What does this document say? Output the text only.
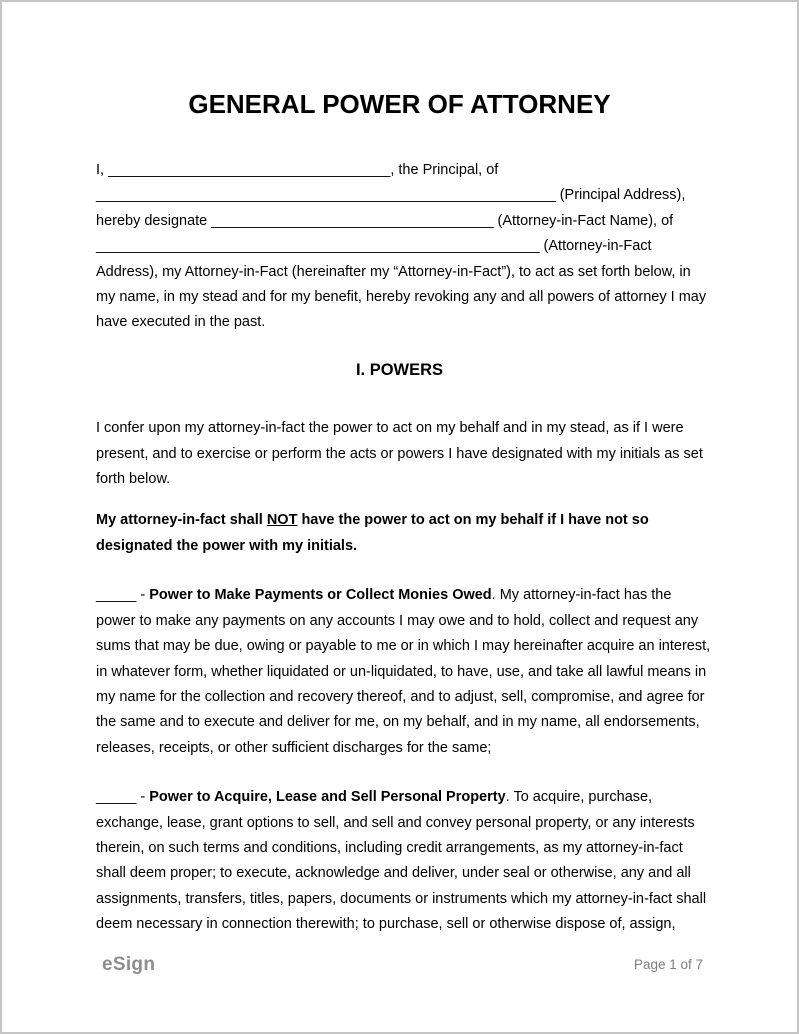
GENERAL POWER OF ATTORNEY
I, ___________________________________, the Principal, of
_________________________________________________________ (Principal Address),
hereby designate ___________________________________ (Attorney-in-Fact Name), of
_______________________________________________________ (Attorney-in-Fact
Address), my Attorney-in-Fact (hereinafter my “Attorney-in-Fact”), to act as set forth below, in
my name, in my stead and for my benefit, hereby revoking any and all powers of attorney I may
have executed in the past.
I. POWERS
I confer upon my attorney-in-fact the power to act on my behalf and in my stead, as if I were
present, and to exercise or perform the acts or powers I have designated with my initials as set
forth below.
My attorney-in-fact shall NOT have the power to act on my behalf if I have not so
designated the power with my initials.
_____ - Power to Make Payments or Collect Monies Owed. My attorney-in-fact has the
power to make any payments on any accounts I may owe and to hold, collect and request any
sums that may be due, owing or payable to me or in which I may hereinafter acquire an interest,
in whatever form, whether liquidated or un-liquidated, to have, use, and take all lawful means in
my name for the collection and recovery thereof, and to adjust, sell, compromise, and agree for
the same and to execute and deliver for me, on my behalf, and in my name, all endorsements,
releases, receipts, or other sufficient discharges for the same;
_____ - Power to Acquire, Lease and Sell Personal Property. To acquire, purchase,
exchange, lease, grant options to sell, and sell and convey personal property, or any interests
therein, on such terms and conditions, including credit arrangements, as my attorney-in-fact
shall deem proper; to execute, acknowledge and deliver, under seal or otherwise, any and all
assignments, transfers, titles, papers, documents or instruments which my attorney-in-fact shall
deem necessary in connection therewith; to purchase, sell or otherwise dispose of, assign,
eSign	Page 1 of 7
